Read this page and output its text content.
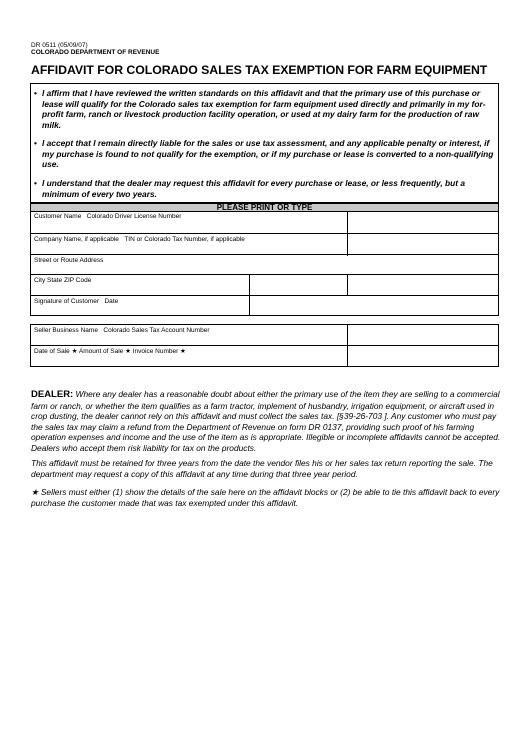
DR 0511 (05/09/07)
COLORADO DEPARTMENT OF REVENUE
AFFIDAVIT FOR COLORADO SALES TAX EXEMPTION FOR FARM EQUIPMENT
• I affirm that I have reviewed the written standards on this affidavit and that the primary use of this purchase or lease will qualify for the Colorado sales tax exemption for farm equipment used directly and primarily in my for-profit farm, ranch or livestock production facility operation, or used at my dairy farm for the production of raw milk.
• I accept that I remain directly liable for the sales or use tax assessment, and any applicable penalty or interest, if my purchase is found to not qualify for the exemption, or if my purchase or lease is converted to a non-qualifying use.
• I understand that the dealer may request this affidavit for every purchase or lease, or less frequently, but a minimum of every two years.
PLEASE PRINT OR TYPE
Customer Name Colorado Driver License Number
Company Name, if applicable TIN or Colorado Tax Number, if applicable
Street or Route Address
City State ZIP Code
Signature of Customer Date
Seller Business Name Colorado Sales Tax Account Number
Date of Sale ★ Amount of Sale ★ Invoice Number ★
DEALER: Where any dealer has a reasonable doubt about either the primary use of the item they are selling to a commercial farm or ranch, or whether the item qualifies as a farm tractor, implement of husbandry, irrigation equipment, or aircraft used in crop dusting, the dealer cannot rely on this affidavit and must collect the sales tax. [§39-26-703 ]. Any customer who must pay the sales tax may claim a refund from the Department of Revenue on form DR 0137, providing such proof of his farming operation expenses and income and the use of the item as is appropriate. Illegible or incomplete affidavits cannot be accepted. Dealers who accept them risk liability for tax on the products.
This affidavit must be retained for three years from the date the vendor files his or her sales tax return reporting the sale. The department may request a copy of this affidavit at any time during that three year period.
★ Sellers must either (1) show the details of the sale here on the affidavit blocks or (2) be able to tie this affidavit back to every purchase the customer made that was tax exempted under this affidavit.
